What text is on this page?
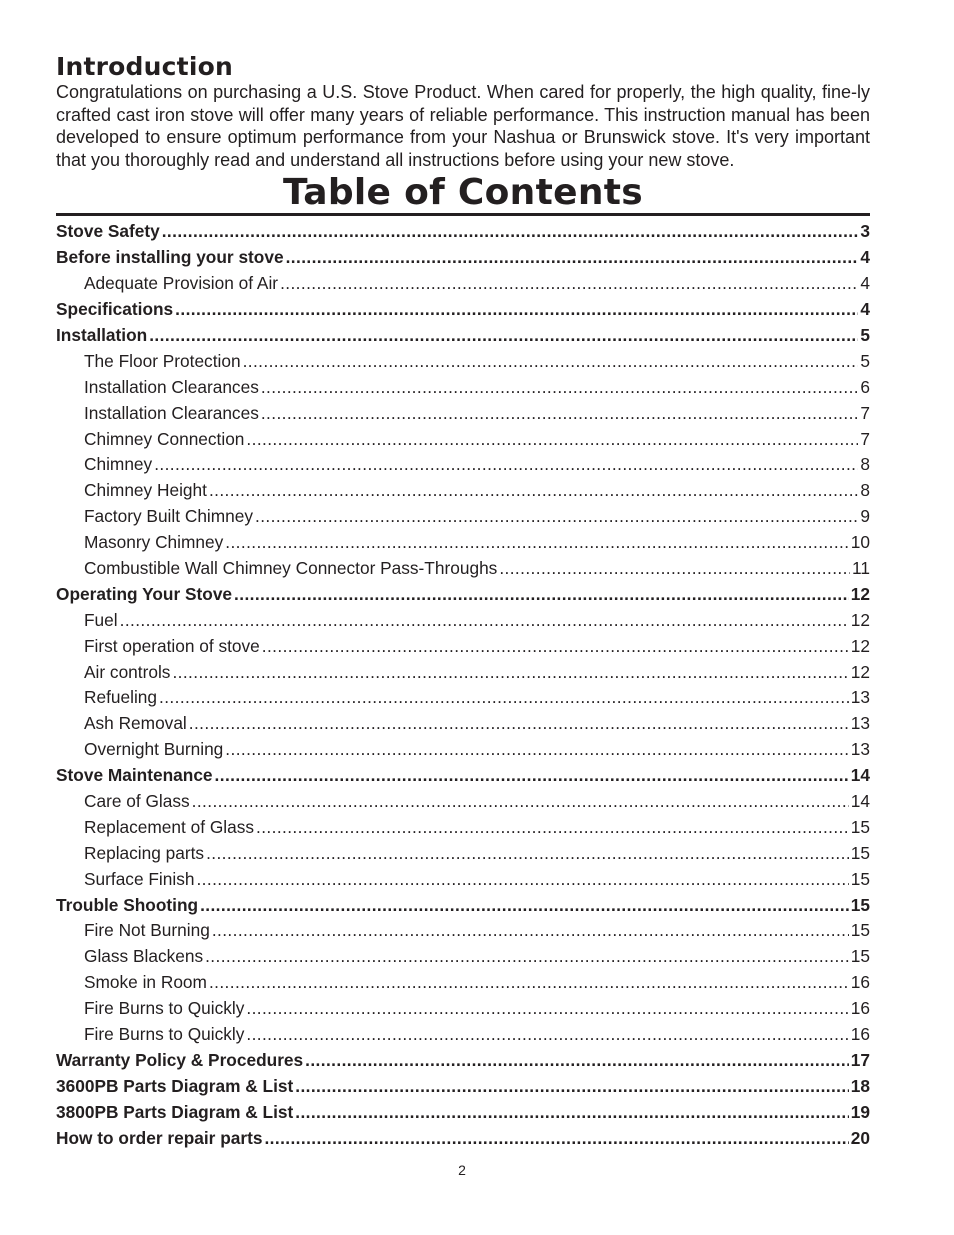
Introduction

Congratulations on purchasing a U.S. Stove Product. When cared for properly, the high quality, fine-ly crafted cast iron stove will offer many years of reliable performance. This instruction manual has been developed to ensure optimum performance from your Nashua or Brunswick stove. It's very important that you thoroughly read and understand all instructions before using your new stove.

Table of Contents
Stove Safety .....	3
Before installing your stove .....	4
Adequate Provision of Air .....	4
Specifications .....	4
Installation .....	5
The Floor Protection .....	5
Installation Clearances .....	6
Installation Clearances .....	7
Chimney Connection .....	7
Chimney .....	8
Chimney Height .....	8
Factory Built Chimney .....	9
Masonry Chimney .....	10
Combustible Wall Chimney Connector Pass-Throughs .....	11
Operating Your Stove .....	12
Fuel .....	12
First operation of stove .....	12
Air controls .....	12
Refueling .....	13
Ash Removal .....	13
Overnight Burning .....	13
Stove Maintenance .....	14
Care of Glass .....	14
Replacement of Glass .....	15
Replacing parts .....	15
Surface Finish .....	15
Trouble Shooting .....	15
Fire Not Burning .....	15
Glass Blackens .....	15
Smoke in Room .....	16
Fire Burns to Quickly .....	16
Fire Burns to Quickly .....	16
Warranty Policy & Procedures .....	17
3600PB Parts Diagram & List .....	18
3800PB Parts Diagram & List .....	19
How to order repair parts .....	20
2
